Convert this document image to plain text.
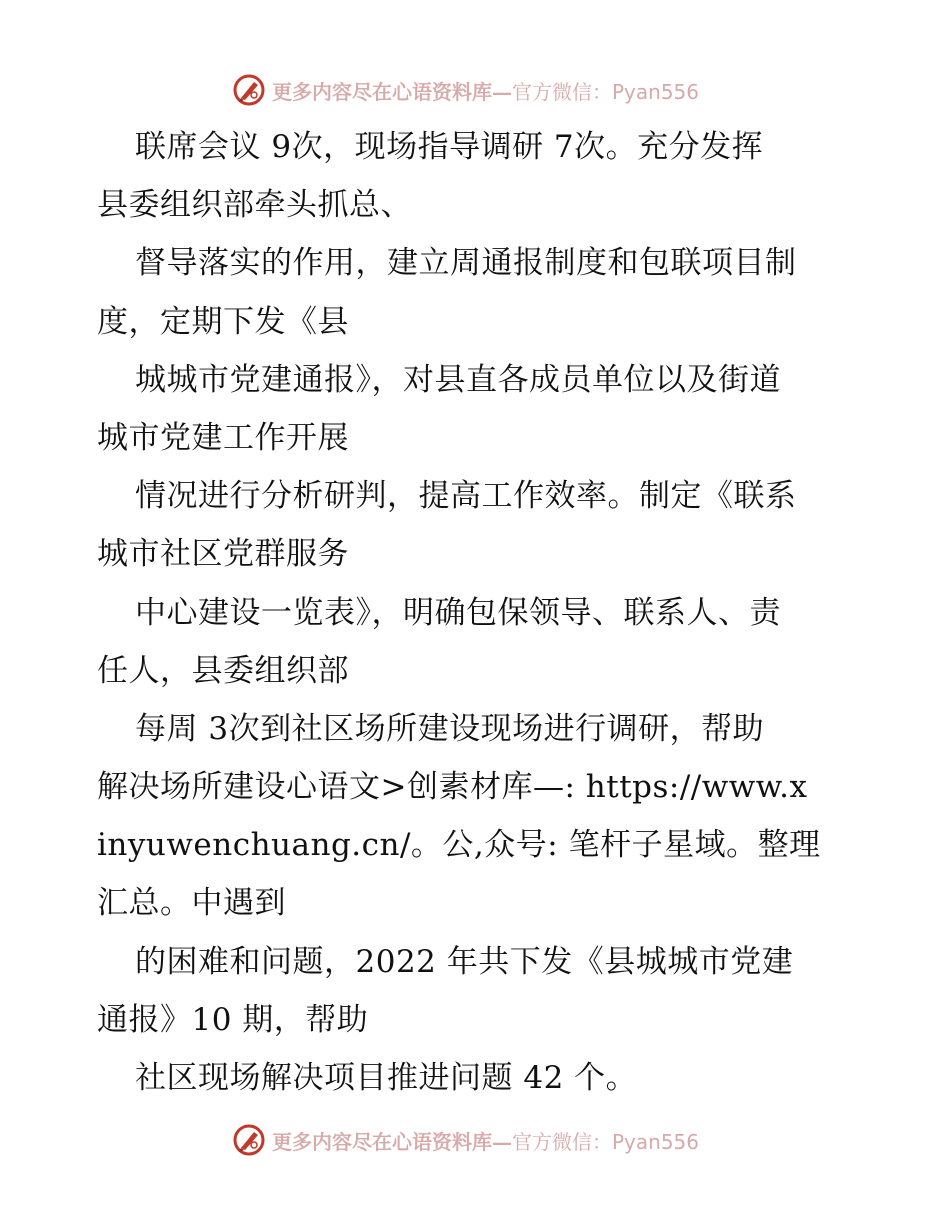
更多内容尽在心语资料库— 官方微信：Pyan556
联席会议 9次，现场指导调研 7次。充分发挥
县委组织部牵头抓总、
督导落实的作用，建立周通报制度和包联项目制
度，定期下发《县
城城市党建通报》，对县直各成员单位以及街道
城市党建工作开展
情况进行分析研判，提高工作效率。制定《联系
城市社区党群服务
中心建设一览表》，明确包保领导、联系人、责
任人，县委组织部
每周 3次到社区场所建设现场进行调研，帮助
解决场所建设心语文>创素材库—: https://www.x
inyuwenchuang.cn/。公,众号: 笔杆子星域。整理
汇总。中遇到
的困难和问题，2022 年共下发《县城城市党建
通报》10 期，帮助
社区现场解决项目推进问题 42 个。
更多内容尽在心语资料库— 官方微信：Pyan556
